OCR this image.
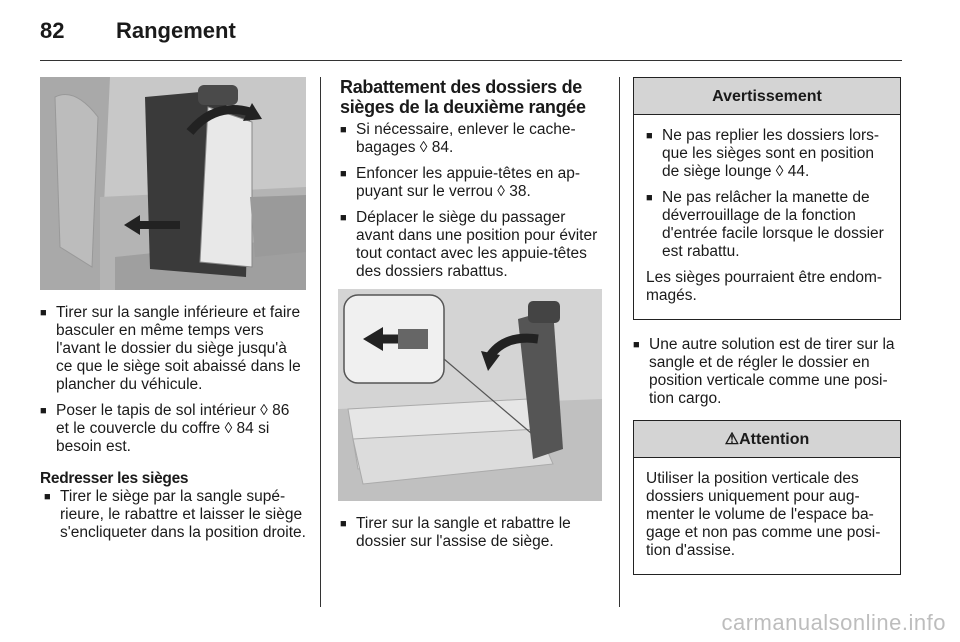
82 Rangement
■ Tirer sur la sangle inférieure et faire basculer en même temps vers l'avant le dossier du siège jusqu'à ce que le siège soit abaissé dans le plancher du véhicule.
■ Poser le tapis de sol intérieur ◊ 86 et le couvercle du coffre ◊ 84 si besoin est.
Redresser les sièges
■ Tirer le siège par la sangle supé-rieure, le rabattre et laisser le siège s'encliqueter dans la position droite.
Rabattement des dossiers de sièges de la deuxième rangée
■ Si nécessaire, enlever le cache-bagages ◊ 84.
■ Enfoncer les appuie-têtes en ap-puyant sur le verrou ◊ 38.
■ Déplacer le siège du passager avant dans une position pour éviter tout contact avec les appuie-têtes des dossiers rabattus.
■ Tirer sur la sangle et rabattre le dossier sur l'assise de siège.
Avertissement
■ Ne pas replier les dossiers lors-que les sièges sont en position de siège lounge ◊ 44.
■ Ne pas relâcher la manette de déverrouillage de la fonction d'entrée facile lorsque le dossier est rabattu.

Les sièges pourraient être endom-magés.

■ Une autre solution est de tirer sur la sangle et de régler le dossier en position verticale comme une posi-tion cargo.
⚠Attention

Utiliser la position verticale des dossiers uniquement pour aug-menter le volume de l'espace ba-gage et non pas comme une posi-tion d'assise.

carmanualsonline.info
